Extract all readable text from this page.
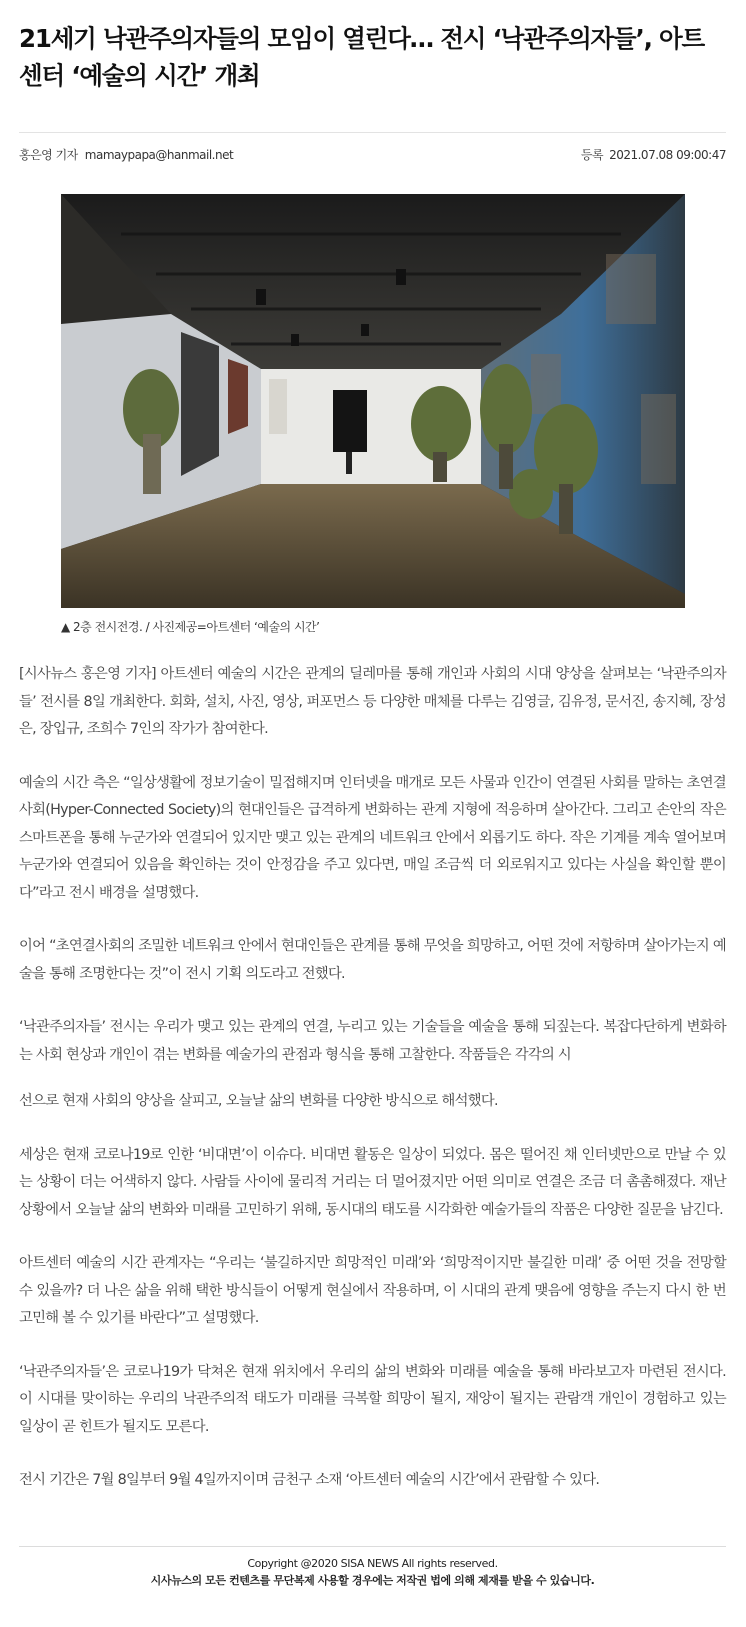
21세기 낙관주의자들의 모임이 열린다… 전시 ‘낙관주의자들’, 아트센터 ‘예술의 시간’ 개최
홍은영 기자 mamaypapa@hanmail.net	등록 2021.07.08 09:00:47
▲ 2층 전시전경. / 사진제공=아트센터 ‘예술의 시간’

[시사뉴스 홍은영 기자] 아트센터 예술의 시간은 관계의 딜레마를 통해 개인과 사회의 시대 양상을 살펴보는 ‘낙관주의자들’ 전시를 8일 개최한다. 회화, 설치, 사진, 영상, 퍼포먼스 등 다양한 매체를 다루는 김영글, 김유정, 문서진, 송지혜, 장성은, 장입규, 조희수 7인의 작가가 참여한다.

예술의 시간 측은 “일상생활에 정보기술이 밀접해지며 인터넷을 매개로 모든 사물과 인간이 연결된 사회를 말하는 초연결사회(Hyper-Connected Society)의 현대인들은 급격하게 변화하는 관계 지형에 적응하며 살아간다. 그리고 손안의 작은 스마트폰을 통해 누군가와 연결되어 있지만 맺고 있는 관계의 네트워크 안에서 외롭기도 하다. 작은 기계를 계속 열어보며 누군가와 연결되어 있음을 확인하는 것이 안정감을 주고 있다면, 매일 조금씩 더 외로워지고 있다는 사실을 확인할 뿐이다”라고 전시 배경을 설명했다.

이어 “초연결사회의 조밀한 네트워크 안에서 현대인들은 관계를 통해 무엇을 희망하고, 어떤 것에 저항하며 살아가는지 예술을 통해 조명한다는 것”이 전시 기획 의도라고 전했다.

‘낙관주의자들’ 전시는 우리가 맺고 있는 관계의 연결, 누리고 있는 기술들을 예술을 통해 되짚는다. 복잡다단하게 변화하는 사회 현상과 개인이 겪는 변화를 예술가의 관점과 형식을 통해 고찰한다. 작품들은 각각의 시

선으로 현재 사회의 양상을 살피고, 오늘날 삶의 변화를 다양한 방식으로 해석했다.

세상은 현재 코로나19로 인한 ‘비대면’이 이슈다. 비대면 활동은 일상이 되었다. 몸은 떨어진 채 인터넷만으로 만날 수 있는 상황이 더는 어색하지 않다. 사람들 사이에 물리적 거리는 더 멀어졌지만 어떤 의미로 연결은 조금 더 촘촘해졌다. 재난 상황에서 오늘날 삶의 변화와 미래를 고민하기 위해, 동시대의 태도를 시각화한 예술가들의 작품은 다양한 질문을 남긴다.

아트센터 예술의 시간 관계자는 “우리는 ‘불길하지만 희망적인 미래’와 ‘희망적이지만 불길한 미래’ 중 어떤 것을 전망할 수 있을까? 더 나은 삶을 위해 택한 방식들이 어떻게 현실에서 작용하며, 이 시대의 관계 맺음에 영향을 주는지 다시 한 번 고민해 볼 수 있기를 바란다”고 설명했다.

‘낙관주의자들’은 코로나19가 닥쳐온 현재 위치에서 우리의 삶의 변화와 미래를 예술을 통해 바라보고자 마련된 전시다. 이 시대를 맞이하는 우리의 낙관주의적 태도가 미래를 극복할 희망이 될지, 재앙이 될지는 관람객 개인이 경험하고 있는 일상이 곧 힌트가 될지도 모른다.

전시 기간은 7월 8일부터 9월 4일까지이며 금천구 소재 ‘아트센터 예술의 시간’에서 관람할 수 있다.

Copyright @2020 SISA NEWS All rights reserved.
시사뉴스의 모든 컨텐츠를 무단복제 사용할 경우에는 저작권 법에 의해 제재를 받을 수 있습니다.
